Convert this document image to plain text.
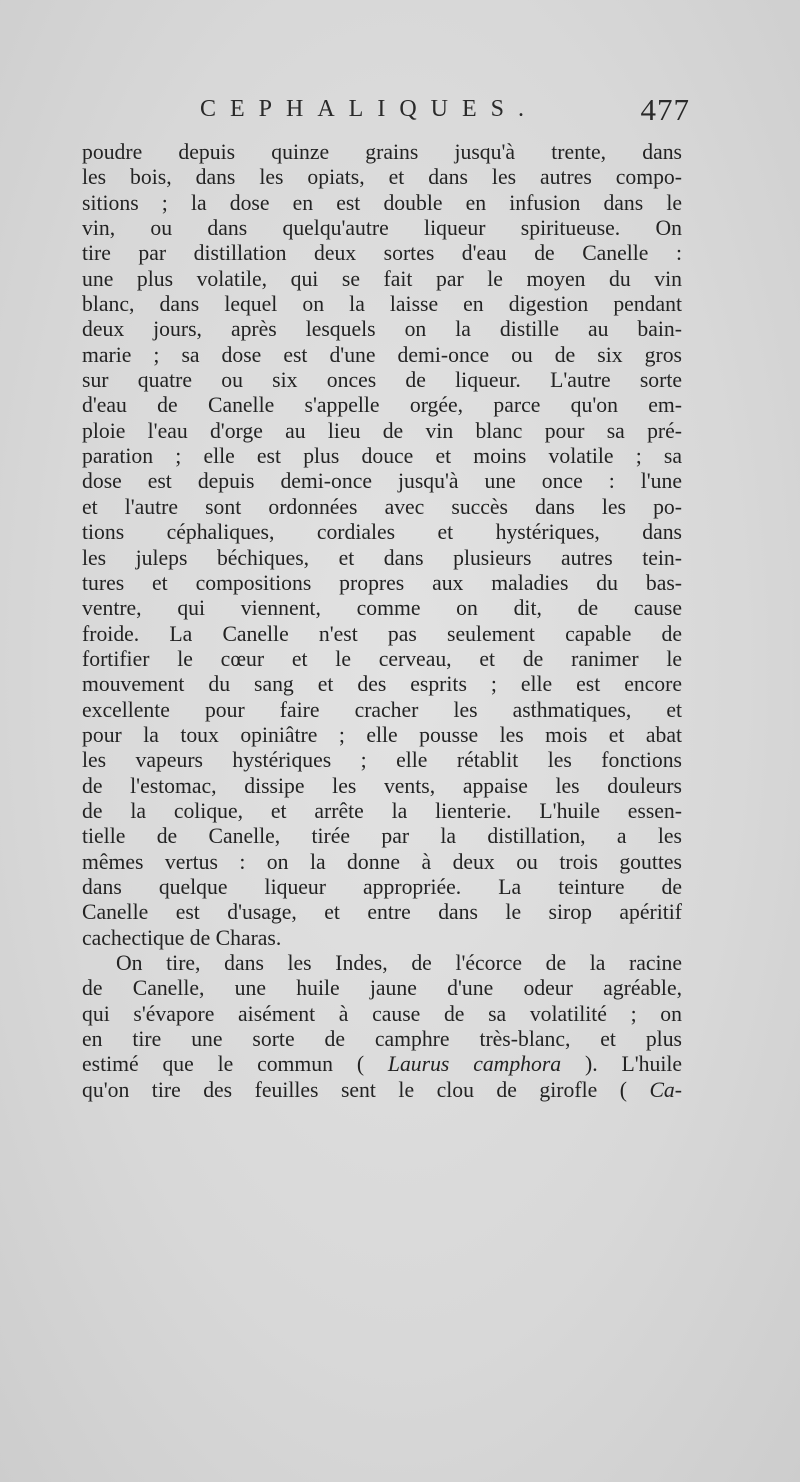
CEPHALIQUES.	477
poudre depuis quinze grains jusqu'à trente, dans
les bois, dans les opiats, et dans les autres compo-
sitions ; la dose en est double en infusion dans le
vin, ou dans quelqu'autre liqueur spiritueuse. On
tire par distillation deux sortes d'eau de Canelle :
une plus volatile, qui se fait par le moyen du vin
blanc, dans lequel on la laisse en digestion pendant
deux jours, après lesquels on la distille au bain-
marie ; sa dose est d'une demi-once ou de six gros
sur quatre ou six onces de liqueur. L'autre sorte
d'eau de Canelle s'appelle orgée, parce qu'on em-
ploie l'eau d'orge au lieu de vin blanc pour sa pré-
paration ; elle est plus douce et moins volatile ; sa
dose est depuis demi-once jusqu'à une once : l'une
et l'autre sont ordonnées avec succès dans les po-
tions céphaliques, cordiales et hystériques, dans
les juleps béchiques, et dans plusieurs autres tein-
tures et compositions propres aux maladies du bas-
ventre, qui viennent, comme on dit, de cause
froide. La Canelle n'est pas seulement capable de
fortifier le cœur et le cerveau, et de ranimer le
mouvement du sang et des esprits ; elle est encore
excellente pour faire cracher les asthmatiques, et
pour la toux opiniâtre ; elle pousse les mois et abat
les vapeurs hystériques ; elle rétablit les fonctions
de l'estomac, dissipe les vents, appaise les douleurs
de la colique, et arrête la lienterie. L'huile essen-
tielle de Canelle, tirée par la distillation, a les
mêmes vertus : on la donne à deux ou trois gouttes
dans quelque liqueur appropriée. La teinture de
Canelle est d'usage, et entre dans le sirop apéritif
cachectique de Charas.
On tire, dans les Indes, de l'écorce de la racine
de Canelle, une huile jaune d'une odeur agréable,
qui s'évapore aisément à cause de sa volatilité ; on
en tire une sorte de camphre très-blanc, et plus
estimé que le commun ( Laurus camphora ). L'huile
qu'on tire des feuilles sent le clou de girofle ( Ca-
